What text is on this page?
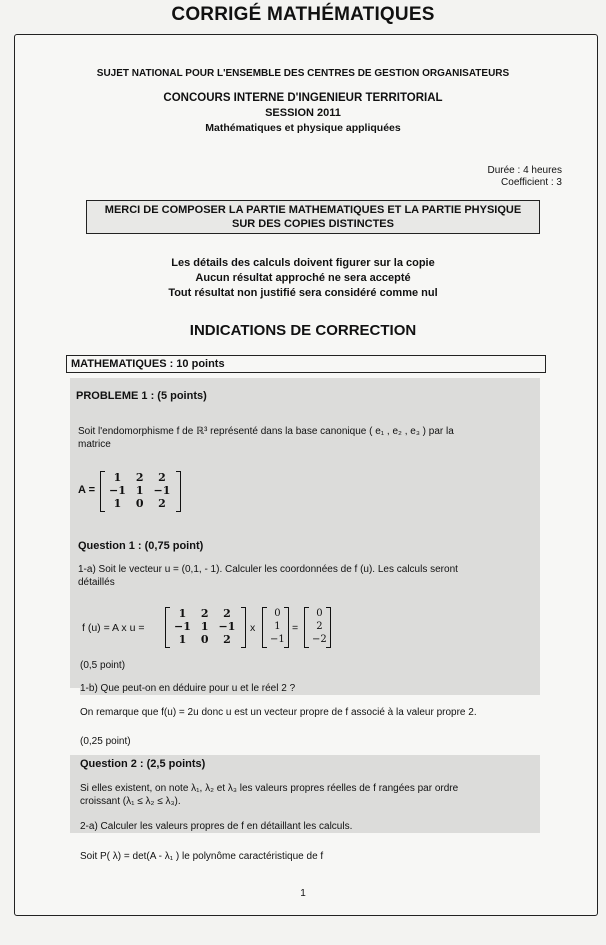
CORRIGÉ MATHÉMATIQUES
SUJET NATIONAL POUR L'ENSEMBLE DES CENTRES DE GESTION ORGANISATEURS
CONCOURS INTERNE D'INGENIEUR TERRITORIAL
SESSION 2011
Mathématiques et physique appliquées
Durée : 4 heures
Coefficient : 3
MERCI DE COMPOSER LA PARTIE MATHEMATIQUES ET LA PARTIE PHYSIQUE
SUR DES COPIES DISTINCTES
Les détails des calculs doivent figurer sur la copie
Aucun résultat approché ne sera accepté
Tout résultat non justifié sera considéré comme nul
INDICATIONS DE CORRECTION
MATHEMATIQUES : 10 points
PROBLEME 1 : (5 points)
Soit l'endomorphisme f de ℝ³ représenté dans la base canonique ( e₁ , e₂ , e₃ ) par la
matrice
A =
1	2	2
−1	1	−1
1	0	2
Question 1 : (0,75 point)
1-a) Soit le vecteur u = (0,1, - 1). Calculer les coordonnées de f (u). Les calculs seront
détaillés
f (u) = A x u =
1	2	2
−1	1	−1
1	0	2
x
0
1
−1
=
0
2
−2
(0,5 point)
1-b) Que peut-on en déduire pour u et le réel 2 ?
On remarque que f(u) = 2u donc u est un vecteur propre de f associé à la valeur propre 2.
(0,25 point)
Question 2 : (2,5 points)
Si elles existent, on note λ₁, λ₂ et λ₃ les valeurs propres réelles de f rangées par ordre
croissant (λ₁ ≤ λ₂ ≤ λ₃).
2-a) Calculer les valeurs propres de f en détaillant les calculs.
Soit P( λ) = det(A - λ₁ ) le polynôme caractéristique de f
1
